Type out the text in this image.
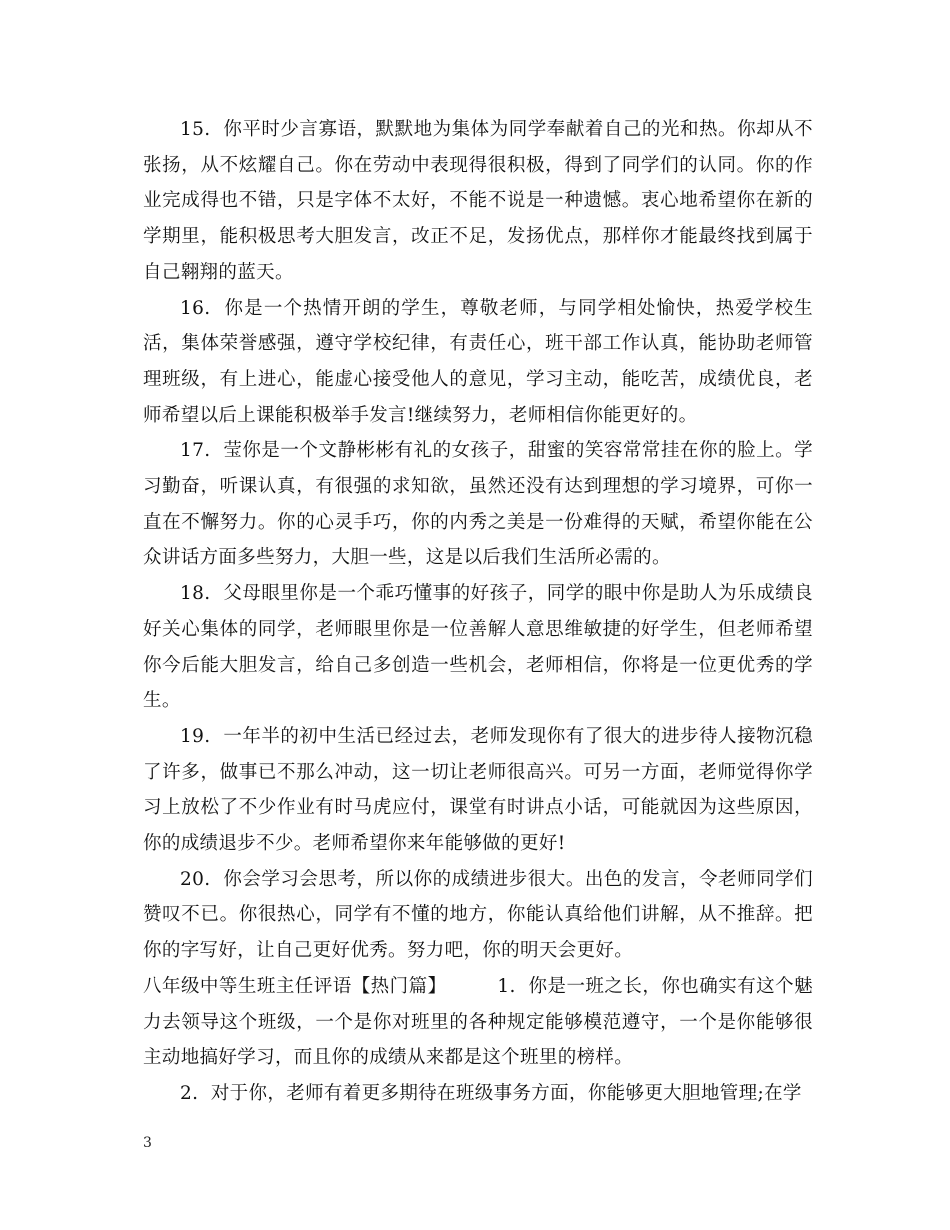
15. 你平时少言寡语，默默地为集体为同学奉献着自己的光和热。你却从不张扬，从不炫耀自己。你在劳动中表现得很积极，得到了同学们的认同。你的作业完成得也不错，只是字体不太好，不能不说是一种遗憾。衷心地希望你在新的学期里，能积极思考大胆发言，改正不足，发扬优点，那样你才能最终找到属于自己翱翔的蓝天。

16. 你是一个热情开朗的学生，尊敬老师，与同学相处愉快，热爱学校生活，集体荣誉感强，遵守学校纪律，有责任心，班干部工作认真，能协助老师管理班级，有上进心，能虚心接受他人的意见，学习主动，能吃苦，成绩优良，老师希望以后上课能积极举手发言!继续努力，老师相信你能更好的。

17. 莹你是一个文静彬彬有礼的女孩子，甜蜜的笑容常常挂在你的脸上。学习勤奋，听课认真，有很强的求知欲，虽然还没有达到理想的学习境界，可你一直在不懈努力。你的心灵手巧，你的内秀之美是一份难得的天赋，希望你能在公众讲话方面多些努力，大胆一些，这是以后我们生活所必需的。

18. 父母眼里你是一个乖巧懂事的好孩子，同学的眼中你是助人为乐成绩良好关心集体的同学，老师眼里你是一位善解人意思维敏捷的好学生，但老师希望你今后能大胆发言，给自己多创造一些机会，老师相信，你将是一位更优秀的学生。

19. 一年半的初中生活已经过去，老师发现你有了很大的进步待人接物沉稳了许多，做事已不那么冲动，这一切让老师很高兴。可另一方面，老师觉得你学习上放松了不少作业有时马虎应付，课堂有时讲点小话，可能就因为这些原因，你的成绩退步不少。老师希望你来年能够做的更好!

20. 你会学习会思考，所以你的成绩进步很大。出色的发言，令老师同学们赞叹不已。你很热心，同学有不懂的地方，你能认真给他们讲解，从不推辞。把你的字写好，让自己更好优秀。努力吧，你的明天会更好。

八年级中等生班主任评语【热门篇】	1. 你是一班之长，你也确实有这个魅力去领导这个班级，一个是你对班里的各种规定能够模范遵守，一个是你能够很主动地搞好学习，而且你的成绩从来都是这个班里的榜样。

2. 对于你，老师有着更多期待在班级事务方面，你能够更大胆地管理;在学

3
